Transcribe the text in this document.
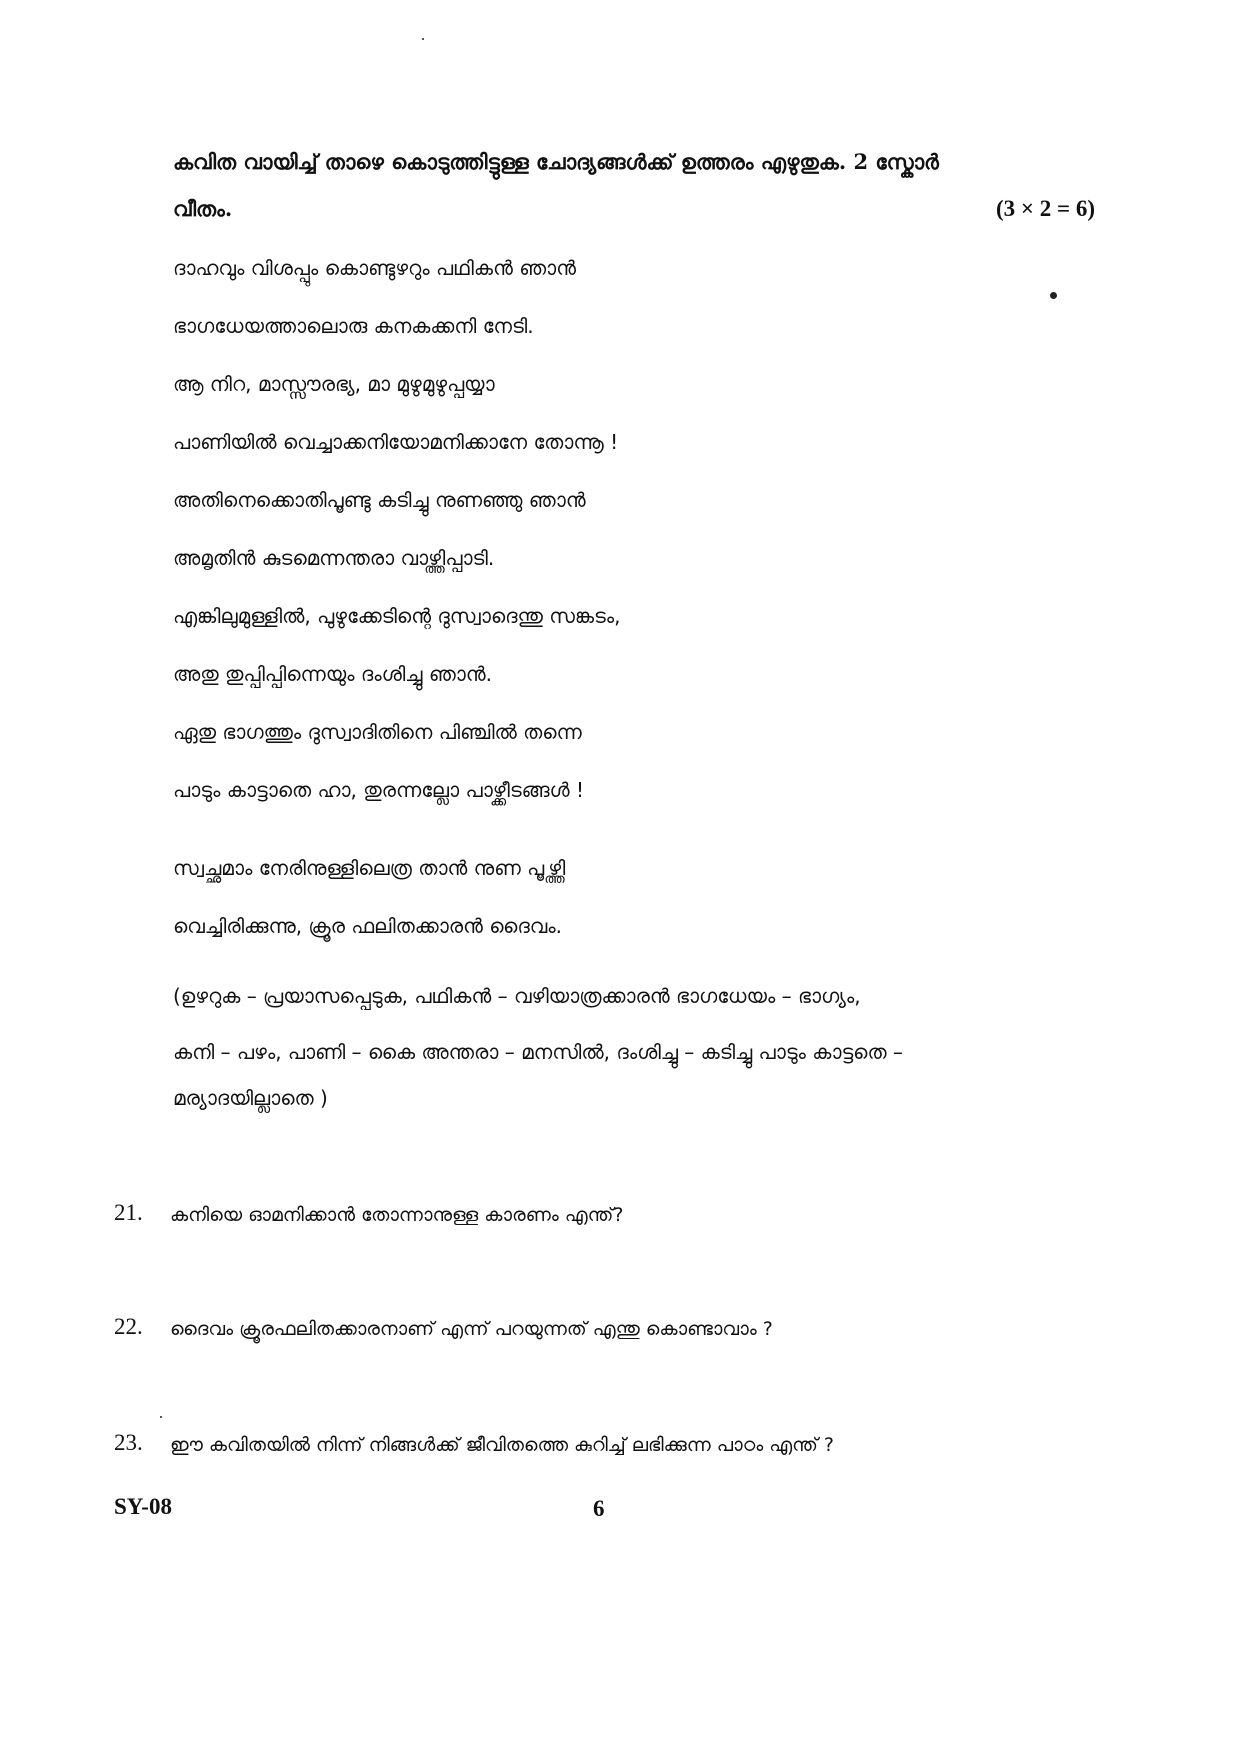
കവിത വായിച്ച് താഴെ കൊടുത്തിട്ടുള്ള ചോദ്യങ്ങൾക്ക് ഉത്തരം എഴുതുക. 2 സ്കോർ
വീതം.	(3 × 2 = 6)
ദാഹവും വിശപ്പും കൊണ്ടുഴറും പഥികൻ ഞാൻ
ഭാഗധേയത്താലൊരു കനകക്കനി നേടി.
ആ നിറ, മാസ്സൗരഭ്യ, മാ മുഴുമുഴുപ്പയ്യാ
പാണിയിൽ വെച്ചാക്കനിയോമനിക്കാനേ തോന്നൂ !
അതിനെക്കൊതിപൂണ്ടു കടിച്ചു നുണഞ്ഞു ഞാൻ
അമൃതിൻ കുടമെന്നന്തരാ വാഴ്ത്തിപ്പാടി.
എങ്കിലുമുള്ളിൽ, പുഴുക്കേടിന്റെ ദുസ്വാദെന്തു സങ്കടം,
അതു തുപ്പിപ്പിന്നെയും ദംശിച്ചു ഞാൻ.
ഏതു ഭാഗത്തും ദുസ്വാദിതിനെ പിഞ്ചിൽ തന്നെ
പാടും കാട്ടാതെ ഹാ, തുരന്നല്ലോ പാഴ്ക്കീടങ്ങൾ !
സ്വച്ഛമാം നേരിനുള്ളിലെത്ര താൻ നുണ പൂഴ്ത്തി
വെച്ചിരിക്കുന്നു, ക്രൂര ഫലിതക്കാരൻ ദൈവം.
(ഉഴറുക – പ്രയാസപ്പെടുക, പഥികൻ – വഴിയാത്രക്കാരൻ ഭാഗധേയം – ഭാഗ്യം,
കനി – പഴം, പാണി – കൈ അന്തരാ – മനസിൽ, ദംശിച്ചു – കടിച്ചു പാടും കാട്ടതെ –
മര്യാദയില്ലാതെ )
21. കനിയെ ഓമനിക്കാൻ തോന്നാനുള്ള കാരണം എന്ത്?
22. ദൈവം ക്രൂരഫലിതക്കാരനാണ് എന്ന് പറയുന്നത് എന്തു കൊണ്ടാവാം ?
23. ഈ കവിതയിൽ നിന്ന് നിങ്ങൾക്ക് ജീവിതത്തെ കുറിച്ച് ലഭിക്കുന്ന പാഠം എന്ത് ?
SY-08	6
